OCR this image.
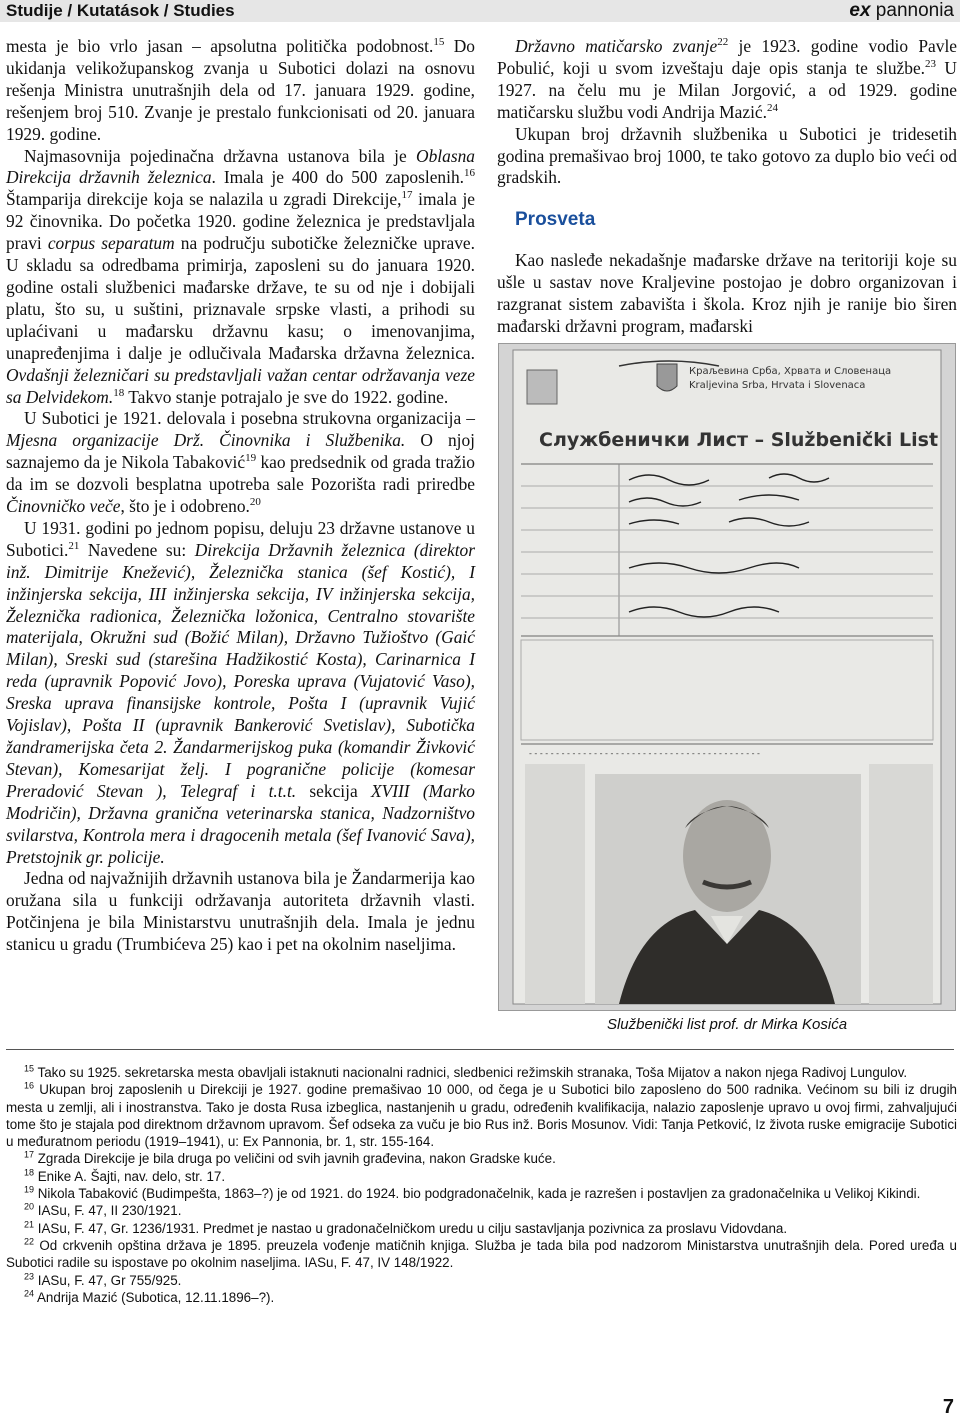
Studije / Kutatások / Studies	ex pannonia

mesta je bio vrlo jasan – apsolutna politička podobnost.$^{15}$ Do ukidanja velikožupanskog zvanja u Subotici dolazi na osnovu rešenja Ministra unutrašnjih dela od 17. januara 1929. godine, rešenjem broj 510. Zvanje je prestalo funkcionisati od 20. januara 1929. godine.

Najmasovnija pojedinačna državna ustanova bila je Oblasna Direkcija državnih železnica. Imala je 400 do 500 zaposlenih.$^{16}$ Štamparija direkcije koja se nalazila u zgradi Direkcije,$^{17}$ imala je 92 činovnika. Do početka 1920. godine železnica je predstavljala pravi corpus separatum na području subotičke železničke uprave. U skladu sa odredbama primirja, zaposleni su do januara 1920. godine ostali službenici mađarske države, te su od nje i dobijali platu, što su, u suštini, priznavale srpske vlasti, a prihodi su uplaćivani u mađarsku državnu kasu; o imenovanjima, unapređenjima i dalje je odlučivala Mađarska državna železnica. Ovdašnji železničari su predstavljali važan centar održavanja veze sa Delvidekom.$^{18}$ Takvo stanje potrajalo je sve do 1922. godine.

U Subotici je 1921. delovala i posebna strukovna organizacija – Mjesna organizacije Drž. Činovnika i Službenika. O njoj saznajemo da je Nikola Tabaković$^{19}$ kao predsednik od grada tražio da im se dozvoli besplatna upotreba sale Pozorišta radi priredbe Činovničko veče, što je i odobreno.$^{20}$

U 1931. godini po jednom popisu, deluju 23 državne ustanove u Subotici.$^{21}$ Navedene su: Direkcija Državnih železnica (direktor inž. Dimitrije Knežević), Železnička stanica (šef Kostić), I inžinjerska sekcija, III inžinjerska sekcija, IV inžinjerska sekcija, Železnička radionica, Železnička ložonica, Centralno stovarište materijala, Okružni sud (Božić Milan), Državno Tužioštvo (Gaić Milan), Sreski sud (starešina Hadžikostić Kosta), Carinarnica I reda (upravnik Popović Jovo), Poreska uprava (Vujatović Vaso), Sreska uprava finansijske kontrole, Pošta I (upravnik Vujić Vojislav), Pošta II (upravnik Bankerović Svetislav), Subotička žandramerijska četa 2. Žandarmerijskog puka (komandir Živković Stevan), Komesarijat želj. I pogranične policije (komesar Preradović Stevan ), Telegraf i t.t.t. sekcija XVIII (Marko Modričin), Državna granična veterinarska stanica, Nadzorništvo svilarstva, Kontrola mera i dragocenih metala (šef Ivanović Sava), Pretstojnik gr. policije.

Jedna od najvažnijih državnih ustanova bila je Žandarmerija kao oružana sila u funkciji održavanja autoriteta državnih vlasti. Potčinjena je bila Ministarstvu unutrašnjih dela. Imala je jednu stanicu u gradu (Trumbićeva 25) kao i pet na okolnim naseljima.

Državno matičarsko zvanje$^{22}$ je 1923. godine vodio Pavle Pobulić, koji u svom izveštaju daje opis stanja te službe.$^{23}$ U 1927. na čelu mu je Milan Jorgović, a od 1929. godine matičarsku službu vodi Andrija Mazić.$^{24}$

Ukupan broj državnih službenika u Subotici je tridesetih godina premašivao broj 1000, te tako gotovo za duplo bio veći od gradskih.

Prosveta

Kao nasleđe nekadašnje mađarske države na teritoriji koje su ušle u sastav nove Kraljevine postojao je dobro organizovan i razgranat sistem zabavišta i škola. Kroz njih je ranije bio širen mađarski državni program, mađarski

Краљевина Срба, Хрвата и Словенаца
Kraljevina Srba, Hrvata i Slovenaca
Службенички Лист – Službenički List
- - - - - - - - - - - - - - - - - - - - - - - - - - - - - - - - - - - - - - - - - - -
Službenički list prof. dr Mirka Kosića

$^{15}$ Tako su 1925. sekretarska mesta obavljali istaknuti nacionalni radnici, sledbenici režimskih stranaka, Toša Mijatov a nakon njega Radivoj Lungulov.

$^{16}$ Ukupan broj zaposlenih u Direkciji je 1927. godine premašivao 10 000, od čega je u Subotici bilo zaposleno do 500 radnika. Većinom su bili iz drugih mesta u zemlji, ali i inostranstva. Tako je dosta Rusa izbeglica, nastanjenih u gradu, određenih kvalifikacija, nalazio zaposlenje upravo u ovoj firmi, zahvaljujući tome što je stajala pod direktnom državnom upravom. Šef odseka za vuču je bio Rus inž. Boris Mosunov. Vidi: Tanja Petković, Iz života ruske emigracije Subotici u međuratnom periodu (1919–1941), u: Ex Pannonia, br. 1, str. 155-164.

$^{17}$ Zgrada Direkcije je bila druga po veličini od svih javnih građevina, nakon Gradske kuće.

$^{18}$ Enike A. Šajti, nav. delo, str. 17.

$^{19}$ Nikola Tabaković (Budimpešta, 1863–?) je od 1921. do 1924. bio podgradonačelnik, kada je razrešen i postavljen za gradonačelnika u Velikoj Kikindi.

$^{20}$ IASu, F. 47, II 230/1921.

$^{21}$ IASu, F. 47, Gr. 1236/1931. Predmet je nastao u gradonačelničkom uredu u cilju sastavljanja pozivnica za proslavu Vidovdana.

$^{22}$ Od crkvenih opština država je 1895. preuzela vođenje matičnih knjiga. Služba je tada bila pod nadzorom Ministarstva unutrašnjih dela. Pored uređa u Subotici radile su ispostave po okolnim naseljima. IASu, F. 47, IV 148/1922.

$^{23}$ IASu, F. 47, Gr 755/925.

$^{24}$ Andrija Mazić (Subotica, 12.11.1896–?).

7
